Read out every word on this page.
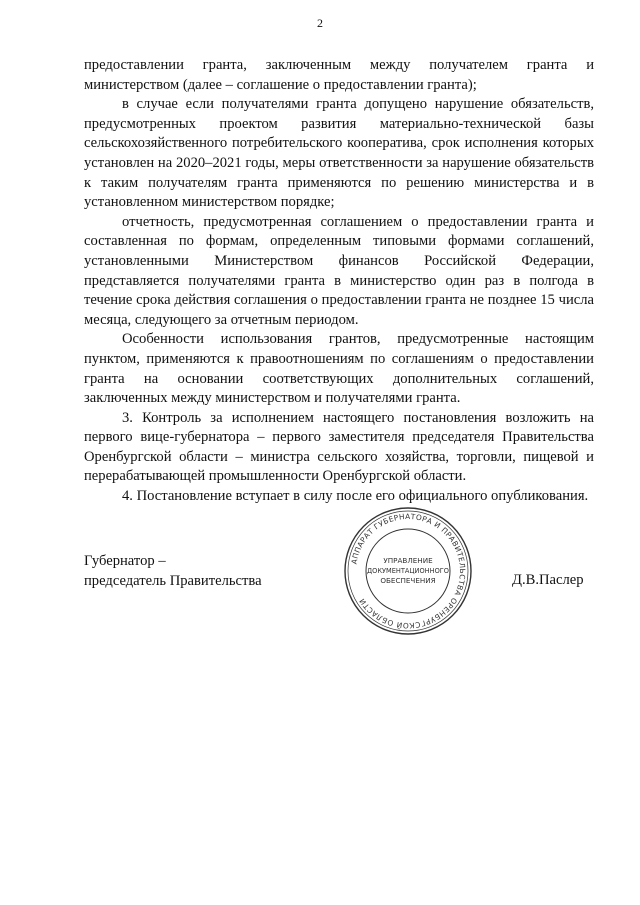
2

предоставлении гранта, заключенным между получателем гранта и министерством (далее – соглашение о предоставлении гранта);

в случае если получателями гранта допущено нарушение обязательств, предусмотренных проектом развития материально-технической базы сельскохозяйственного потребительского кооператива, срок исполнения которых установлен на 2020–2021 годы, меры ответственности за нарушение обязательств к таким получателям гранта применяются по решению министерства и в установленном министерством порядке;

отчетность, предусмотренная соглашением о предоставлении гранта и составленная по формам, определенным типовыми формами соглашений, установленными Министерством финансов Российской Федерации, представляется получателями гранта в министерство один раз в полгода в течение срока действия соглашения о предоставлении гранта не позднее 15 числа месяца, следующего за отчетным периодом.

Особенности использования грантов, предусмотренные настоящим пунктом, применяются к правоотношениям по соглашениям о предоставлении гранта на основании соответствующих дополнительных соглашений, заключенных между министерством и получателями гранта.

3. Контроль за исполнением настоящего постановления возложить на первого вице-губернатора – первого заместителя председателя Правительства Оренбургской области – министра сельского хозяйства, торговли, пищевой и перерабатывающей промышленности Оренбургской области.

4. Постановление вступает в силу после его официального опубликования.

Губернатор –
председатель Правительства	Д.В.Паслер
АППАРАТ ГУБЕРНАТОРА И ПРАВИТЕЛЬСТВА ОРЕНБУРГСКОЙ ОБЛАСТИ
УПРАВЛЕНИЕ
ДОКУМЕНТАЦИОННОГО
ОБЕСПЕЧЕНИЯ
